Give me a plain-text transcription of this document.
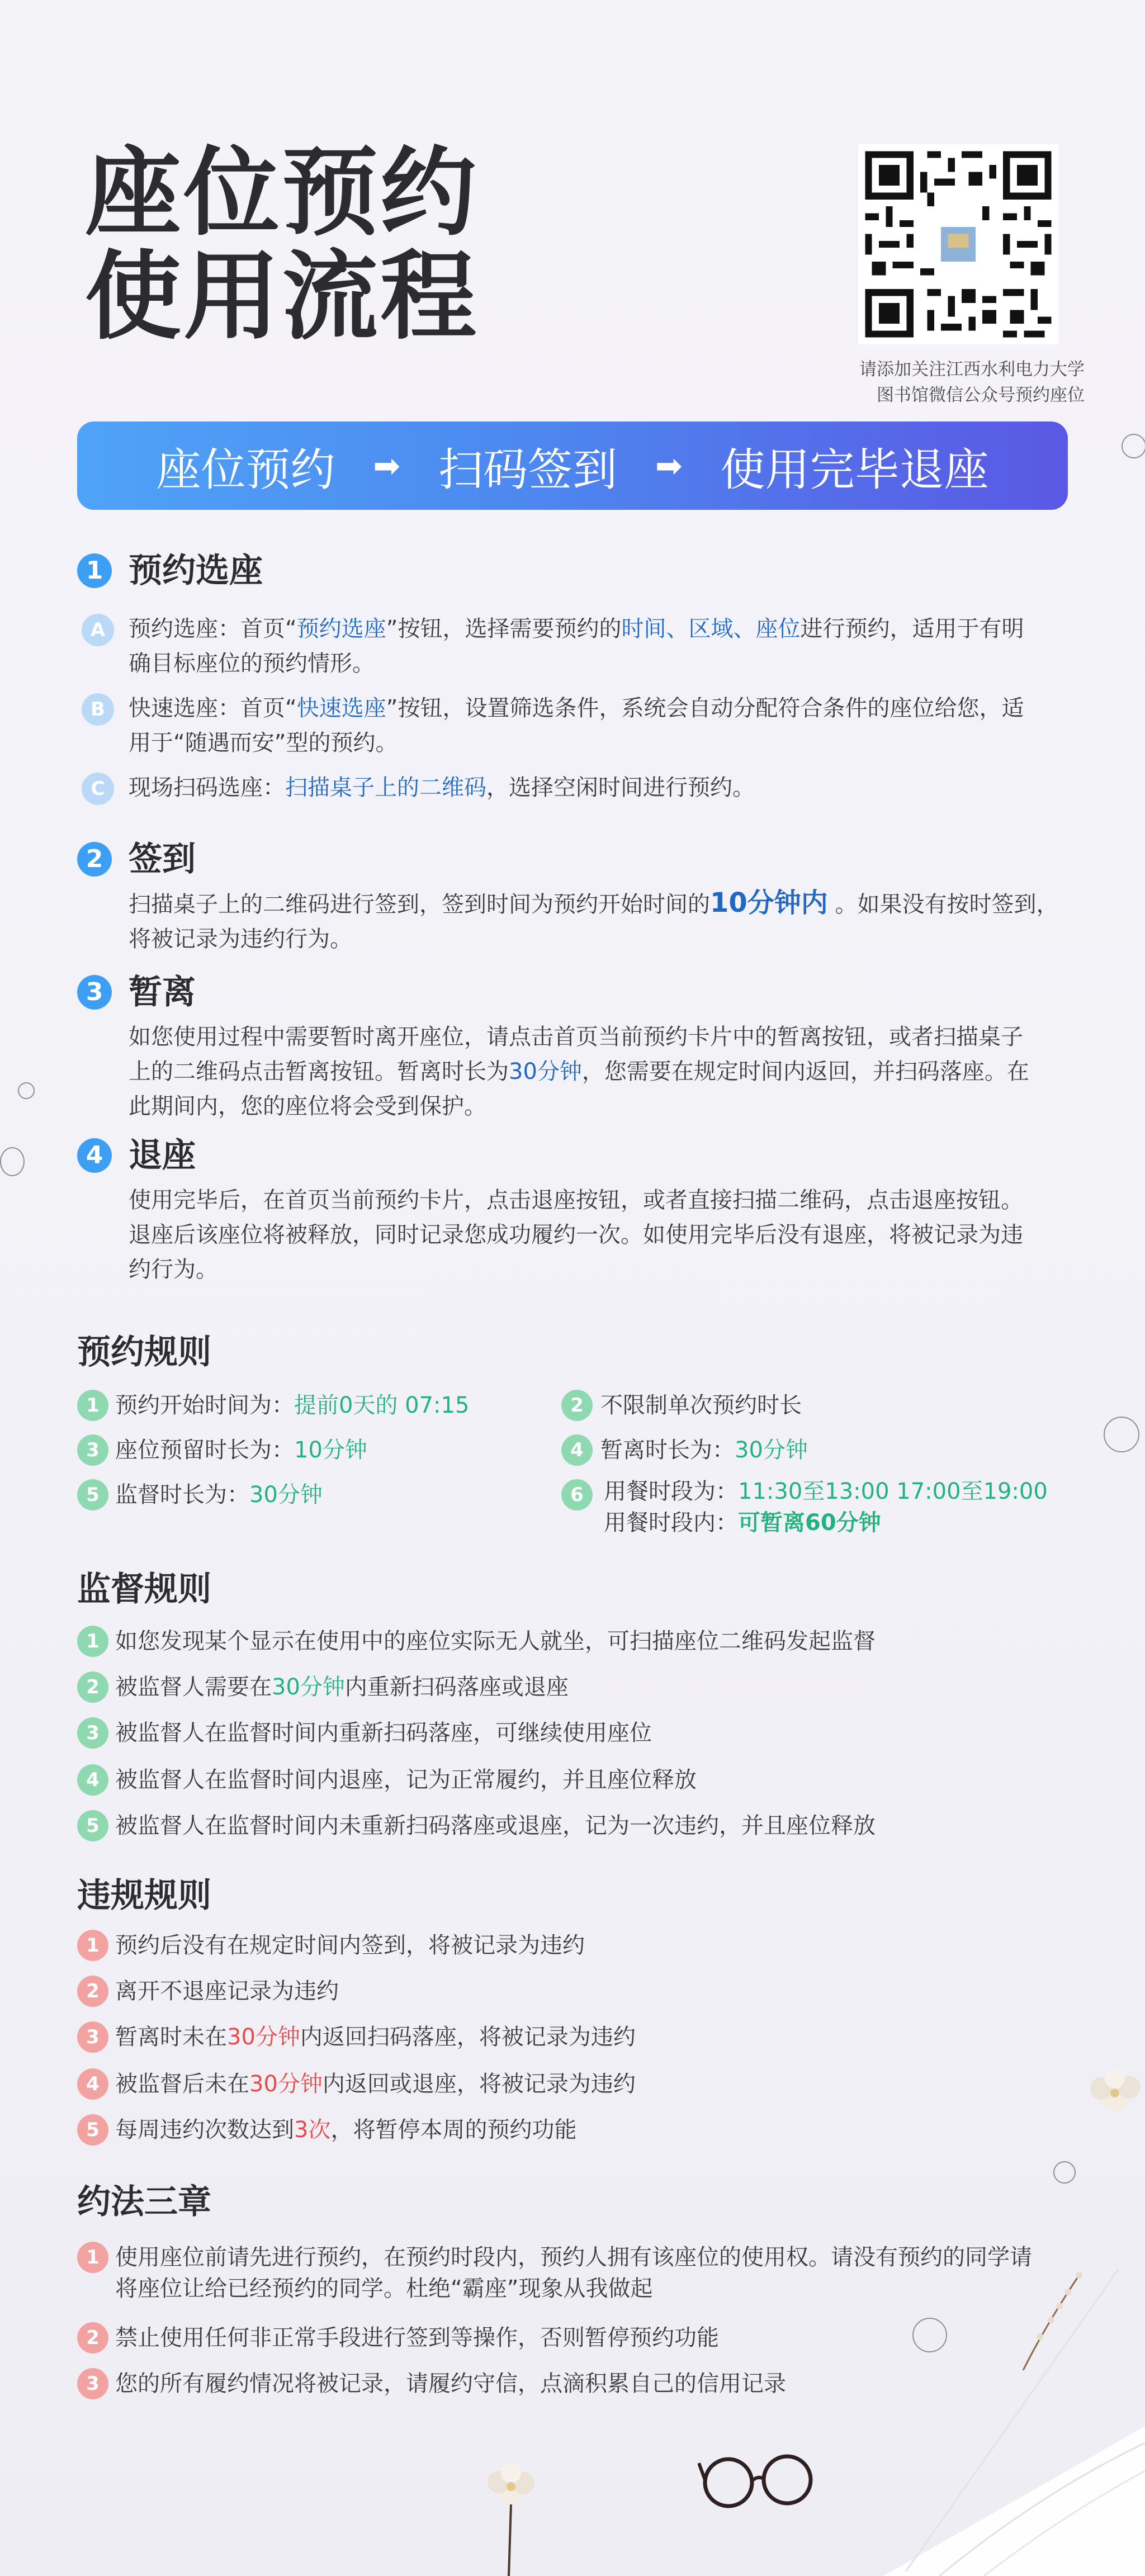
座位预约
使用流程
请添加关注江西水利电力大学
图书馆微信公众号预约座位
座位预约 ➡ 扫码签到 ➡ 使用完毕退座
1 预约选座
A	预约选座：首页“预约选座”按钮，选择需要预约的时间、区域、座位进行预约，适用于有明
确目标座位的预约情形。
B	快速选座：首页“快速选座”按钮，设置筛选条件，系统会自动分配符合条件的座位给您，适
用于“随遇而安”型的预约。
C	现场扫码选座：扫描桌子上的二维码，选择空闲时间进行预约。
2 签到
扫描桌子上的二维码进行签到，签到时间为预约开始时间的10分钟内 。如果没有按时签到，
将被记录为违约行为。
3 暂离
如您使用过程中需要暂时离开座位，请点击首页当前预约卡片中的暂离按钮，或者扫描桌子
上的二维码点击暂离按钮。暂离时长为30分钟，您需要在规定时间内返回，并扫码落座。在
此期间内，您的座位将会受到保护。
4 退座
使用完毕后，在首页当前预约卡片，点击退座按钮，或者直接扫描二维码，点击退座按钮。
退座后该座位将被释放，同时记录您成功履约一次。如使用完毕后没有退座，将被记录为违
约行为。
预约规则
1 预约开始时间为：提前0天的 07:15	2 不限制单次预约时长
3 座位预留时长为：10分钟	4 暂离时长为：30分钟
5 监督时长为：30分钟	6 用餐时段为：11:30至13:00 17:00至19:00
用餐时段内：可暂离60分钟
监督规则
1 如您发现某个显示在使用中的座位实际无人就坐，可扫描座位二维码发起监督
2 被监督人需要在30分钟内重新扫码落座或退座
3 被监督人在监督时间内重新扫码落座，可继续使用座位
4 被监督人在监督时间内退座，记为正常履约，并且座位释放
5 被监督人在监督时间内未重新扫码落座或退座，记为一次违约，并且座位释放
违规规则
1 预约后没有在规定时间内签到，将被记录为违约
2 离开不退座记录为违约
3 暂离时未在30分钟内返回扫码落座，将被记录为违约
4 被监督后未在30分钟内返回或退座，将被记录为违约
5 每周违约次数达到3次，将暂停本周的预约功能
约法三章
1 使用座位前请先进行预约，在预约时段内，预约人拥有该座位的使用权。请没有预约的同学请
将座位让给已经预约的同学。杜绝“霸座”现象从我做起
2 禁止使用任何非正常手段进行签到等操作，否则暂停预约功能
3 您的所有履约情况将被记录，请履约守信，点滴积累自己的信用记录
